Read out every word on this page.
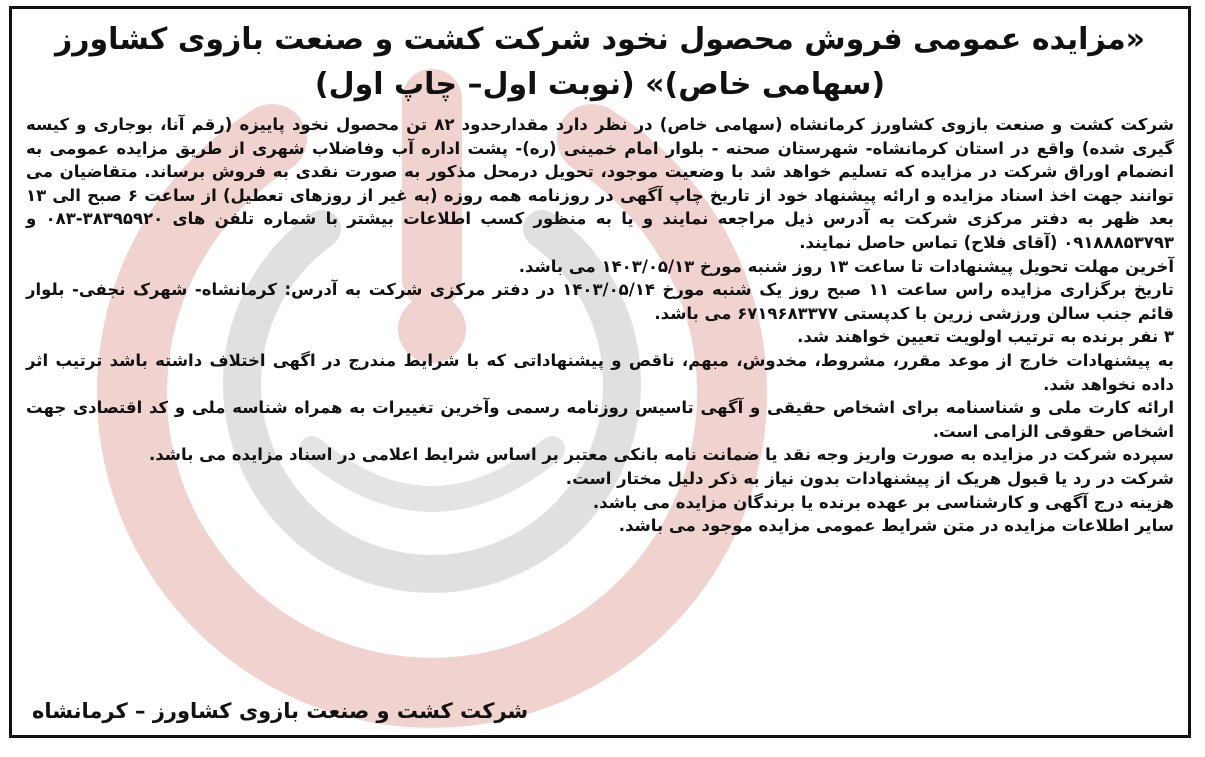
«مزایده عمومی فروش محصول نخود شرکت کشت و صنعت بازوی کشاورز (سهامی خاص)» (نوبت اول– چاپ اول)

شرکت کشت و صنعت بازوی کشاورز کرمانشاه (سهامی خاص) در نظر دارد مقدارحدود ۸۲ تن محصول نخود پاییزه (رقم آنا، بوجاری و کیسه گیری شده) واقع در استان کرمانشاه- شهرستان صحنه - بلوار امام خمینی (ره)- پشت اداره آب وفاضلاب شهری از طریق مزایده عمومی به انضمام اوراق شرکت در مزایده که تسلیم خواهد شد با وضعیت موجود، تحویل درمحل مذکور به صورت نقدی به فروش برساند. متقاضیان می توانند جهت اخذ اسناد مزایده و ارائه پیشنهاد خود از تاریخ چاپ آگهی در روزنامه همه روزه (به غیر از روزهای تعطیل) از ساعت ۶ صبح الی ۱۳ بعد ظهر به دفتر مرکزی شرکت به آدرس ذیل مراجعه نمایند و یا به منظور کسب اطلاعات بیشتر با شماره تلفن های ۳۸۳۹۵۹۲۰-۰۸۳ و ۰۹۱۸۸۸۵۳۷۹۳ (آقای فلاح) تماس حاصل نمایند.

آخرین مهلت تحویل پیشنهادات تا ساعت ۱۳ روز شنبه مورخ ۱۴۰۳/۰۵/۱۳ می باشد.

تاریخ برگزاری مزایده راس ساعت ۱۱ صبح روز یک شنبه مورخ ۱۴۰۳/۰۵/۱۴ در دفتر مرکزی شرکت به آدرس: کرمانشاه- شهرک نجفی- بلوار قائم جنب سالن ورزشی زرین با کدپستی ۶۷۱۹۶۸۳۳۷۷ می باشد.

۳ نفر برنده به ترتیب اولویت تعیین خواهند شد.

به پیشنهادات خارج از موعد مقرر، مشروط، مخدوش، مبهم، ناقص و پیشنهاداتی که با شرایط مندرج در اگهی اختلاف داشته باشد ترتیب اثر داده نخواهد شد.

ارائه کارت ملی و شناسنامه برای اشخاص حقیقی و آگهی تاسیس روزنامه رسمی وآخرین تغییرات به همراه شناسه ملی و کد اقتصادی جهت اشخاص حقوقی الزامی است.

سپرده شرکت در مزایده به صورت واریز وجه نقد یا ضمانت نامه بانکی معتبر بر اساس شرایط اعلامی در اسناد مزایده می باشد.

شرکت در رد یا قبول هریک از پیشنهادات بدون نیاز به ذکر دلیل مختار است.

هزینه درج آگهی و کارشناسی بر عهده برنده یا برندگان مزایده می باشد.

سایر اطلاعات مزایده در متن شرایط عمومی مزایده موجود می باشد.

شرکت کشت و صنعت بازوی کشاورز – کرمانشاه
